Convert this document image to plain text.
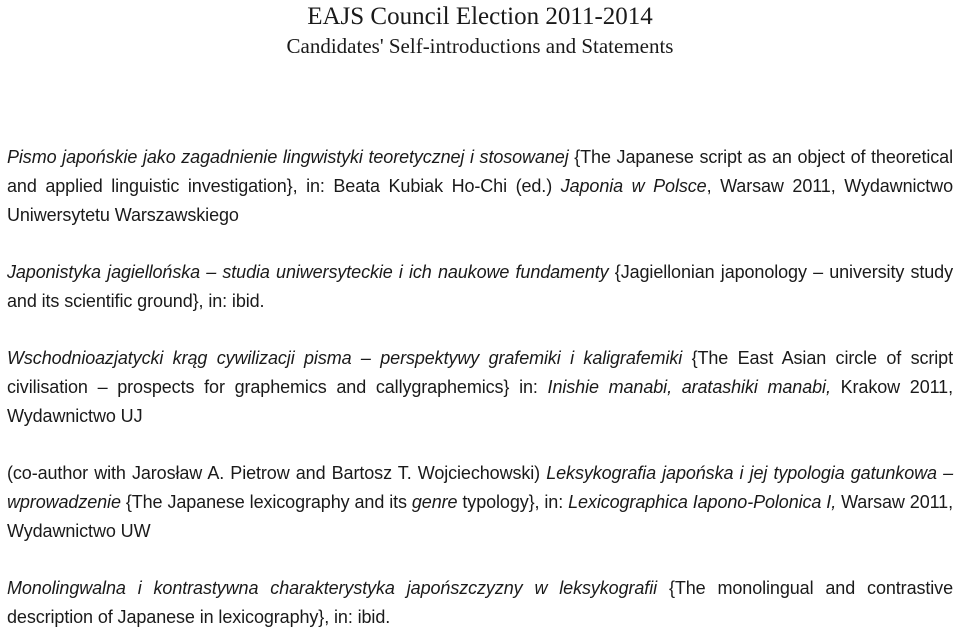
EAJS Council Election 2011-2014
Candidates' Self-introductions and Statements

Pismo japońskie jako zagadnienie lingwistyki teoretycznej i stosowanej {The Japanese script as an object of theoretical and applied linguistic investigation}, in: Beata Kubiak Ho-Chi (ed.) Japonia w Polsce, Warsaw 2011, Wydawnictwo Uniwersytetu Warszawskiego

Japonistyka jagiellońska – studia uniwersyteckie i ich naukowe fundamenty {Jagiellonian japonology – university study and its scientific ground}, in: ibid.

Wschodnioazjatycki krąg cywilizacji pisma – perspektywy grafemiki i kaligrafemiki {The East Asian circle of script civilisation – prospects for graphemics and callygraphemics} in: Inishie manabi, aratashiki manabi, Krakow 2011, Wydawnictwo UJ

(co-author with Jarosław A. Pietrow and Bartosz T. Wojciechowski) Leksykografia japońska i jej typologia gatunkowa – wprowadzenie {The Japanese lexicography and its genre typology}, in: Lexicographica Iapono-Polonica I, Warsaw 2011, Wydawnictwo UW

Monolingwalna i kontrastywna charakterystyka japońszczyzny w leksykografii {The monolingual and contrastive description of Japanese in lexicography}, in: ibid.
